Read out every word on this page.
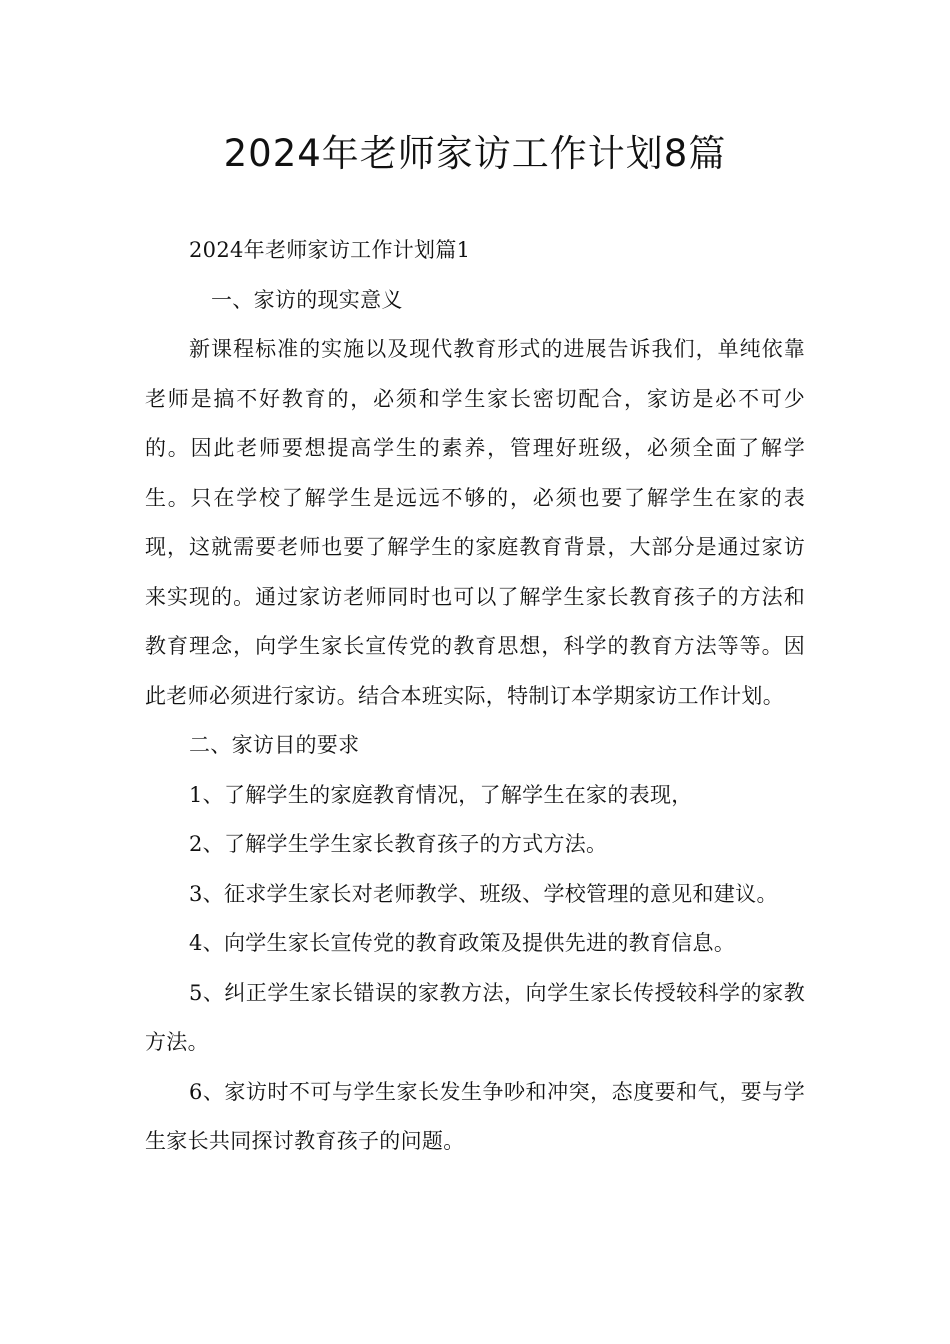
2024年老师家访工作计划8篇

2024年老师家访工作计划篇1

一、家访的现实意义

新课程标准的实施以及现代教育形式的进展告诉我们，单纯依靠老师是搞不好教育的，必须和学生家长密切配合，家访是必不可少的。因此老师要想提高学生的素养，管理好班级，必须全面了解学生。只在学校了解学生是远远不够的，必须也要了解学生在家的表现，这就需要老师也要了解学生的家庭教育背景，大部分是通过家访来实现的。通过家访老师同时也可以了解学生家长教育孩子的方法和教育理念，向学生家长宣传党的教育思想，科学的教育方法等等。因此老师必须进行家访。结合本班实际，特制订本学期家访工作计划。

二、家访目的要求

1、了解学生的家庭教育情况，了解学生在家的表现，

2、了解学生学生家长教育孩子的方式方法。

3、征求学生家长对老师教学、班级、学校管理的意见和建议。

4、向学生家长宣传党的教育政策及提供先进的教育信息。

5、纠正学生家长错误的家教方法，向学生家长传授较科学的家教方法。

6、家访时不可与学生家长发生争吵和冲突，态度要和气，要与学生家长共同探讨教育孩子的问题。
